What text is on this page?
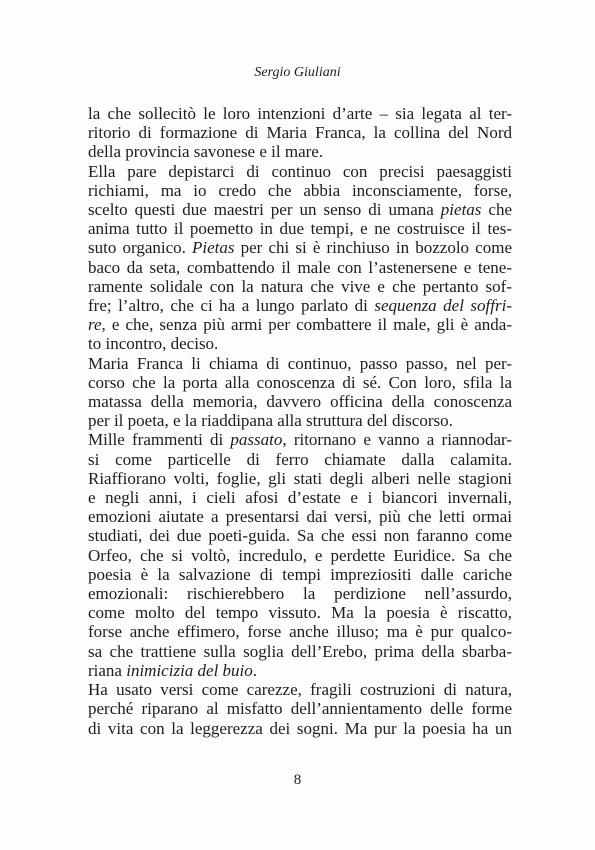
Sergio Giuliani
la che sollecitò le loro intenzioni d’arte – sia legata al ter-
ritorio di formazione di Maria Franca, la collina del Nord
della provincia savonese e il mare.
Ella pare depistarci di continuo con precisi paesaggisti
richiami, ma io credo che abbia inconsciamente, forse,
scelto questi due maestri per un senso di umana pietas che
anima tutto il poemetto in due tempi, e ne costruisce il tes-
suto organico. Pietas per chi si è rinchiuso in bozzolo come
baco da seta, combattendo il male con l’astenersene e tene-
ramente solidale con la natura che vive e che pertanto sof-
fre; l’altro, che ci ha a lungo parlato di sequenza del soffri-
re, e che, senza più armi per combattere il male, gli è anda-
to incontro, deciso.
Maria Franca li chiama di continuo, passo passo, nel per-
corso che la porta alla conoscenza di sé. Con loro, sfila la
matassa della memoria, davvero officina della conoscenza
per il poeta, e la riaddipana alla struttura del discorso.
Mille frammenti di passato, ritornano e vanno a riannodar-
si come particelle di ferro chiamate dalla calamita.
Riaffiorano volti, foglie, gli stati degli alberi nelle stagioni
e negli anni, i cieli afosi d’estate e i biancori invernali,
emozioni aiutate a presentarsi dai versi, più che letti ormai
studiati, dei due poeti-guida. Sa che essi non faranno come
Orfeo, che si voltò, incredulo, e perdette Euridice. Sa che
poesia è la salvazione di tempi impreziositi dalle cariche
emozionali: rischierebbero la perdizione nell’assurdo,
come molto del tempo vissuto. Ma la poesia è riscatto,
forse anche effimero, forse anche illuso; ma è pur qualco-
sa che trattiene sulla soglia dell’Erebo, prima della sbarba-
riana inimicizia del buio.
Ha usato versi come carezze, fragili costruzioni di natura,
perché riparano al misfatto dell’annientamento delle forme
di vita con la leggerezza dei sogni. Ma pur la poesia ha un
8
